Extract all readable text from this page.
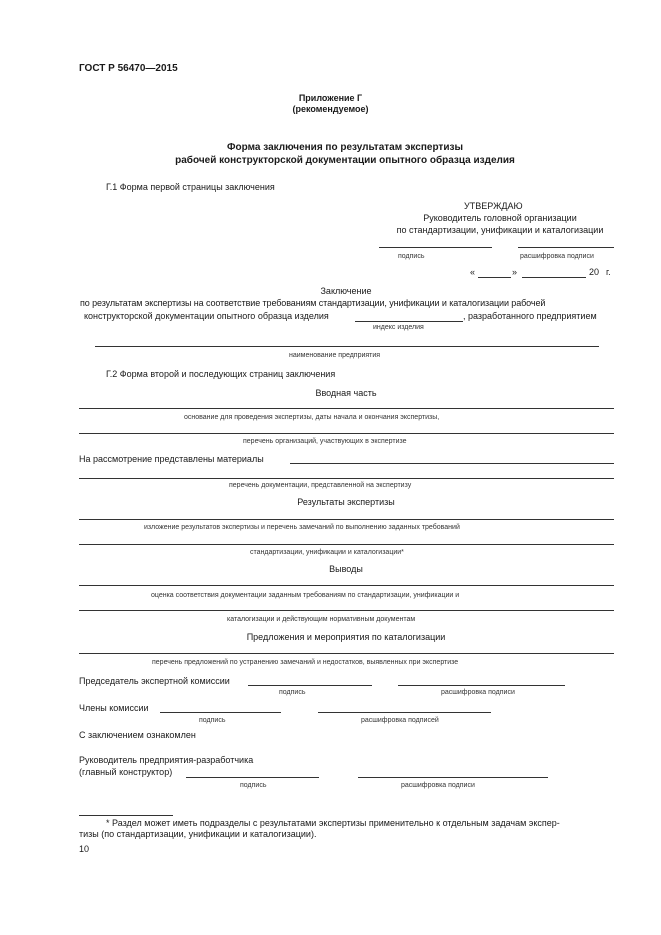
ГОСТ Р 56470—2015
Приложение Г
(рекомендуемое)
Форма заключения по результатам экспертизы
рабочей конструкторской документации опытного образца изделия
Г.1 Форма первой страницы заключения
УТВЕРЖДАЮ
Руководитель головной организации
по стандартизации, унификации и каталогизации
подпись	расшифровка подписи
«	»	20 г.
Заключение
по результатам экспертизы на соответствие требованиям стандартизации, унификации и каталогизации рабочей
конструкторской документации опытного образца изделия	, разработанного предприятием
индекс изделия
наименование предприятия
Г.2 Форма второй и последующих страниц заключения
Вводная часть
основание для проведения экспертизы, даты начала и окончания экспертизы,
перечень организаций, участвующих в экспертизе
На рассмотрение представлены материалы
перечень документации, представленной на экспертизу
Результаты экспертизы
изложение результатов экспертизы и перечень замечаний по выполнению заданных требований
стандартизации, унификации и каталогизации*
Выводы
оценка соответствия документации заданным требованиям по стандартизации, унификации и
каталогизации и действующим нормативным документам
Предложения и мероприятия по каталогизации
перечень предложений по устранению замечаний и недостатков, выявленных при экспертизе
Председатель экспертной комиссии
подпись	расшифровка подписи
Члены комиссии
подпись	расшифровка подписей
С заключением ознакомлен
Руководитель предприятия-разработчика
(главный конструктор)
подпись	расшифровка подписи
* Раздел может иметь подразделы с результатами экспертизы применительно к отдельным задачам экспер-
тизы (по стандартизации, унификации и каталогизации).
10
